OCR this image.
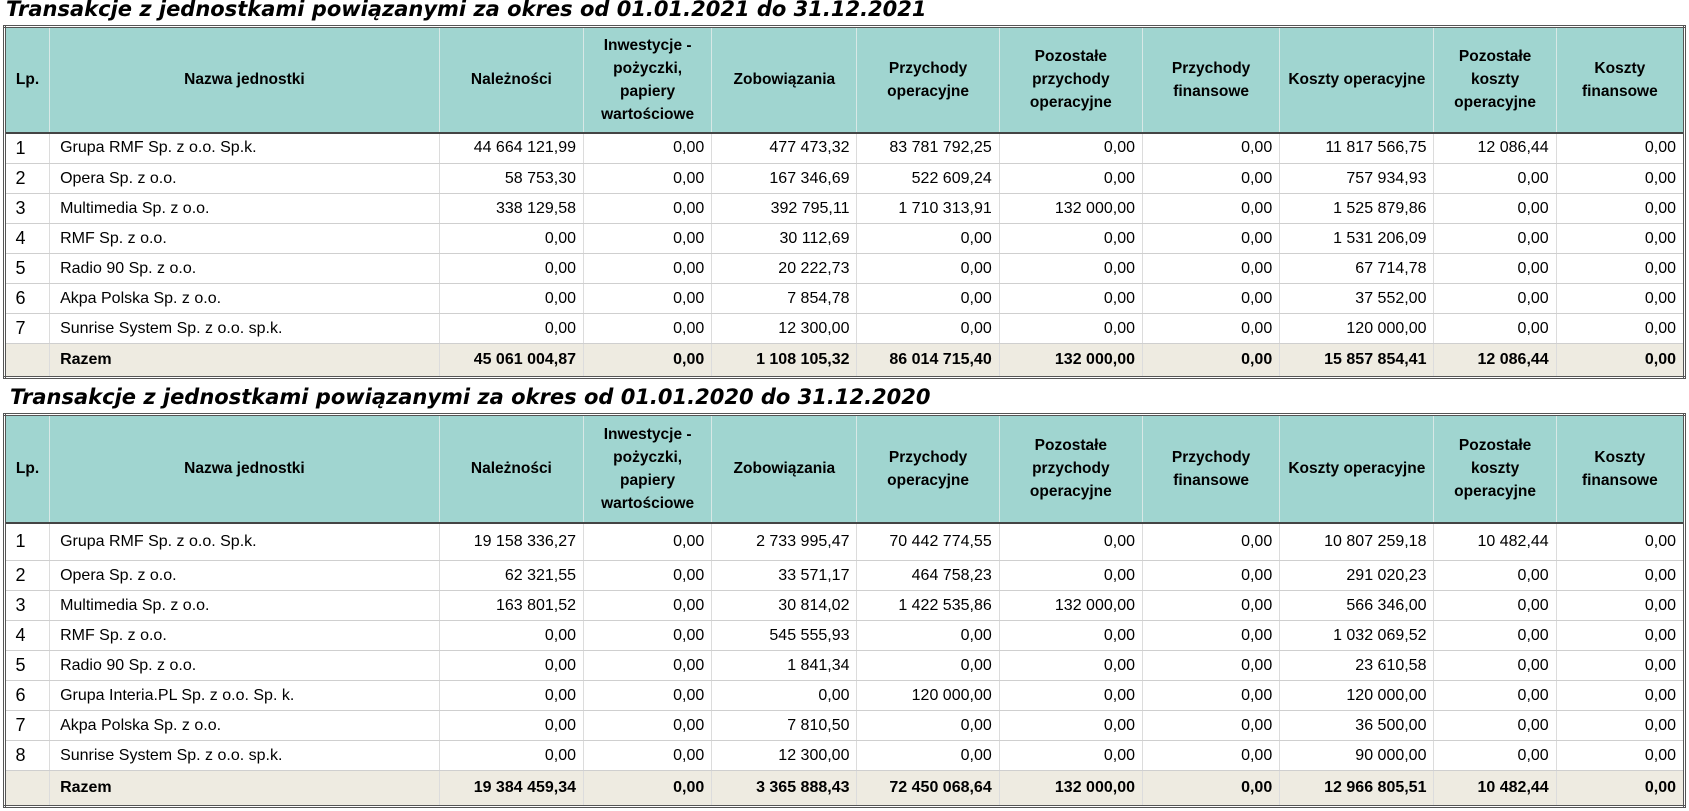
Transakcje z jednostkami powiązanymi za okres od 01.01.2021 do 31.12.2021
Lp.	Nazwa jednostki	Należności	Inwestycje - pożyczki, papiery wartościowe	Zobowiązania	Przychody operacyjne	Pozostałe przychody operacyjne	Przychody finansowe	Koszty operacyjne	Pozostałe koszty operacyjne	Koszty finansowe
1	Grupa RMF Sp. z o.o. Sp.k.	44 664 121,99	0,00	477 473,32	83 781 792,25	0,00	0,00	11 817 566,75	12 086,44	0,00
2	Opera Sp. z o.o.	58 753,30	0,00	167 346,69	522 609,24	0,00	0,00	757 934,93	0,00	0,00
3	Multimedia Sp. z o.o.	338 129,58	0,00	392 795,11	1 710 313,91	132 000,00	0,00	1 525 879,86	0,00	0,00
4	RMF Sp. z o.o.	0,00	0,00	30 112,69	0,00	0,00	0,00	1 531 206,09	0,00	0,00
5	Radio 90 Sp. z o.o.	0,00	0,00	20 222,73	0,00	0,00	0,00	67 714,78	0,00	0,00
6	Akpa Polska Sp. z o.o.	0,00	0,00	7 854,78	0,00	0,00	0,00	37 552,00	0,00	0,00
7	Sunrise System Sp. z o.o. sp.k.	0,00	0,00	12 300,00	0,00	0,00	0,00	120 000,00	0,00	0,00
	Razem	45 061 004,87	0,00	1 108 105,32	86 014 715,40	132 000,00	0,00	15 857 854,41	12 086,44	0,00
Transakcje z jednostkami powiązanymi za okres od 01.01.2020 do 31.12.2020
Lp.	Nazwa jednostki	Należności	Inwestycje - pożyczki, papiery wartościowe	Zobowiązania	Przychody operacyjne	Pozostałe przychody operacyjne	Przychody finansowe	Koszty operacyjne	Pozostałe koszty operacyjne	Koszty finansowe
1	Grupa RMF Sp. z o.o. Sp.k.	19 158 336,27	0,00	2 733 995,47	70 442 774,55	0,00	0,00	10 807 259,18	10 482,44	0,00
2	Opera Sp. z o.o.	62 321,55	0,00	33 571,17	464 758,23	0,00	0,00	291 020,23	0,00	0,00
3	Multimedia Sp. z o.o.	163 801,52	0,00	30 814,02	1 422 535,86	132 000,00	0,00	566 346,00	0,00	0,00
4	RMF Sp. z o.o.	0,00	0,00	545 555,93	0,00	0,00	0,00	1 032 069,52	0,00	0,00
5	Radio 90 Sp. z o.o.	0,00	0,00	1 841,34	0,00	0,00	0,00	23 610,58	0,00	0,00
6	Grupa Interia.PL Sp. z o.o. Sp. k.	0,00	0,00	0,00	120 000,00	0,00	0,00	120 000,00	0,00	0,00
7	Akpa Polska Sp. z o.o.	0,00	0,00	7 810,50	0,00	0,00	0,00	36 500,00	0,00	0,00
8	Sunrise System Sp. z o.o. sp.k.	0,00	0,00	12 300,00	0,00	0,00	0,00	90 000,00	0,00	0,00
	Razem	19 384 459,34	0,00	3 365 888,43	72 450 068,64	132 000,00	0,00	12 966 805,51	10 482,44	0,00
